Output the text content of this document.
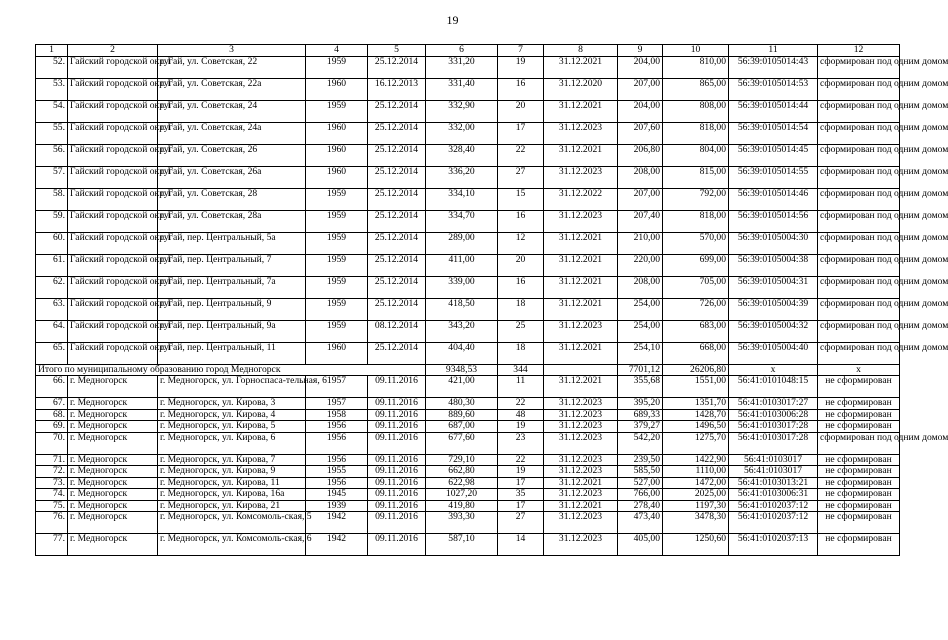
19
1	2	3	4	5	6	7	8	9	10	11	12
52.	Гайский городской округ	г. Гай, ул. Советская, 22	1959	25.12.2014	331,20	19	31.12.2021	204,00	810,00	56:39:0105014:43	сформирован под одним домом
53.	Гайский городской округ	г. Гай, ул. Советская, 22а	1960	16.12.2013	331,40	16	31.12.2020	207,00	865,00	56:39:0105014:53	сформирован под одним домом
54.	Гайский городской округ	г. Гай, ул. Советская, 24	1959	25.12.2014	332,90	20	31.12.2021	204,00	808,00	56:39:0105014:44	сформирован под одним домом
55.	Гайский городской округ	г. Гай, ул. Советская, 24а	1960	25.12.2014	332,00	17	31.12.2023	207,60	818,00	56:39:0105014:54	сформирован под одним домом
56.	Гайский городской округ	г. Гай, ул. Советская, 26	1960	25.12.2014	328,40	22	31.12.2021	206,80	804,00	56:39:0105014:45	сформирован под одним домом
57.	Гайский городской округ	г. Гай, ул. Советская, 26а	1960	25.12.2014	336,20	27	31.12.2023	208,00	815,00	56:39:0105014:55	сформирован под одним домом
58.	Гайский городской округ	г. Гай, ул. Советская, 28	1959	25.12.2014	334,10	15	31.12.2022	207,00	792,00	56:39:0105014:46	сформирован под одним домом
59.	Гайский городской округ	г. Гай, ул. Советская, 28а	1959	25.12.2014	334,70	16	31.12.2023	207,40	818,00	56:39:0105014:56	сформирован под одним домом
60.	Гайский городской округ	г. Гай, пер. Центральный, 5а	1959	25.12.2014	289,00	12	31.12.2021	210,00	570,00	56:39:0105004:30	сформирован под одним домом
61.	Гайский городской округ	г. Гай, пер. Центральный, 7	1959	25.12.2014	411,00	20	31.12.2021	220,00	699,00	56:39:0105004:38	сформирован под одним домом
62.	Гайский городской округ	г. Гай, пер. Центральный, 7а	1959	25.12.2014	339,00	16	31.12.2021	208,00	705,00	56:39:0105004:31	сформирован под одним домом
63.	Гайский городской округ	г. Гай, пер. Центральный, 9	1959	25.12.2014	418,50	18	31.12.2021	254,00	726,00	56:39:0105004:39	сформирован под одним домом
64.	Гайский городской округ	г. Гай, пер. Центральный, 9а	1959	08.12.2014	343,20	25	31.12.2023	254,00	683,00	56:39:0105004:32	сформирован под одним домом
65.	Гайский городской округ	г. Гай, пер. Центральный, 11	1960	25.12.2014	404,40	18	31.12.2021	254,10	668,00	56:39:0105004:40	сформирован под одним домом
Итого по муниципальному образованию город Медногорск					9348,53	344		7701,12	26206,80	х	х
66.	г. Медногорск	г. Медногорск, ул. Горноспаса-тельная, 6	1957	09.11.2016	421,00	11	31.12.2021	355,68	1551,00	56:41:0101048:15	не сформирован
67.	г. Медногорск	г. Медногорск, ул. Кирова, 3	1957	09.11.2016	480,30	22	31.12.2023	395,20	1351,70	56:41:0103017:27	не сформирован
68.	г. Медногорск	г. Медногорск, ул. Кирова, 4	1958	09.11.2016	889,60	48	31.12.2023	689,33	1428,70	56:41:0103006:28	не сформирован
69.	г. Медногорск	г. Медногорск, ул. Кирова, 5	1956	09.11.2016	687,00	19	31.12.2023	379,27	1496,50	56:41:0103017:28	не сформирован
70.	г. Медногорск	г. Медногорск, ул. Кирова, 6	1956	09.11.2016	677,60	23	31.12.2023	542,20	1275,70	56:41:0103017:28	сформирован под одним домом
71.	г. Медногорск	г. Медногорск, ул. Кирова, 7	1956	09.11.2016	729,10	22	31.12.2023	239,50	1422,90	56:41:0103017	не сформирован
72.	г. Медногорск	г. Медногорск, ул. Кирова, 9	1955	09.11.2016	662,80	19	31.12.2023	585,50	1110,00	56:41:0103017	не сформирован
73.	г. Медногорск	г. Медногорск, ул. Кирова, 11	1956	09.11.2016	622,98	17	31.12.2021	527,00	1472,00	56:41:0103013:21	не сформирован
74.	г. Медногорск	г. Медногорск, ул. Кирова, 16а	1945	09.11.2016	1027,20	35	31.12.2023	766,00	2025,00	56:41:0103006:31	не сформирован
75.	г. Медногорск	г. Медногорск, ул. Кирова, 21	1939	09.11.2016	419,80	17	31.12.2021	278,40	1197,30	56:41:0102037:12	не сформирован
76.	г. Медногорск	г. Медногорск, ул. Комсомоль-ская, 5	1942	09.11.2016	393,30	27	31.12.2023	473,40	3478,30	56:41:0102037:12	не сформирован
77.	г. Медногорск	г. Медногорск, ул. Комсомоль-ская, 6	1942	09.11.2016	587,10	14	31.12.2023	405,00	1250,60	56:41:0102037:13	не сформирован
